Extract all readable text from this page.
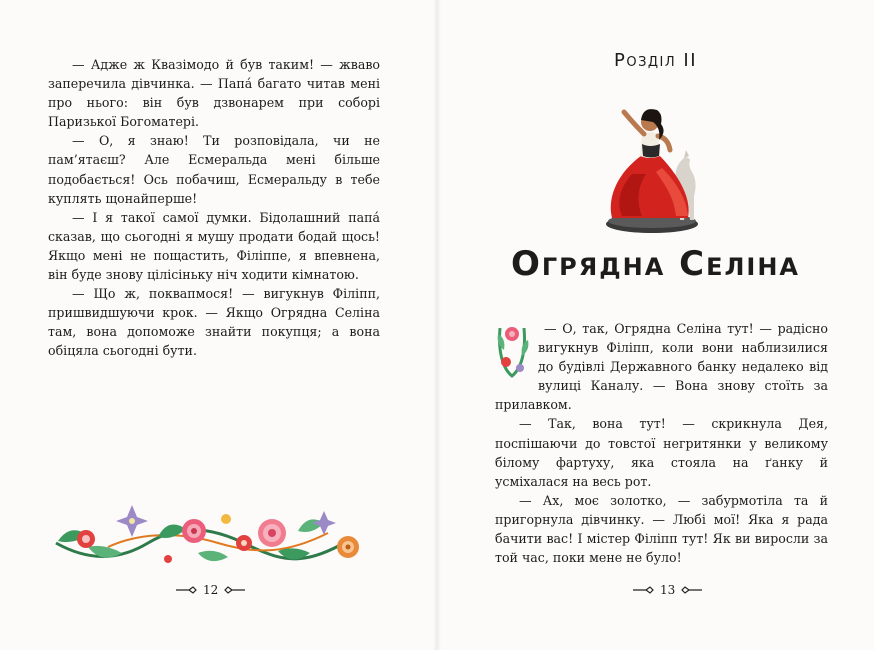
— Адже ж Квазімодо й був таким! — жваво заперечила дівчинка. — Папа́ багато читав мені про нього: він був дзвонарем при соборі Паризької Богоматері.

— О, я знаю! Ти розповідала, чи не пам’ятаєш? Але Есмеральда мені більше подобається! Ось побачиш, Есмеральду в тебе куплять щонайперше!

— І я такої самої думки. Бідолашний папа́ сказав, що сьогодні я мушу продати бодай щось! Якщо мені не пощастить, Філіппе, я впевнена, він буде знову цілісіньку ніч ходити кімнатою.

— Що ж, поквапмося! — вигукнув Філіпп, пришвидшуючи крок. — Якщо Огрядна Селіна там, вона допоможе знайти покупця; а вона обіцяла сьогодні бути.

12
Розділ ІІ
Огрядна Селіна

— О, так, Огрядна Селіна тут! — радісно вигукнув Філіпп, коли вони наблизилися до будівлі Державного банку недалеко від вулиці Каналу. — Вона знову стоїть за прилавком.

— Так, вона тут! — скрикнула Дея, поспішаючи до товстої негритянки у великому білому фартуху, яка стояла на ґанку й усміхалася на весь рот.

— Ах, моє золотко, — забурмотіла та й пригорнула дівчинку. — Любі мої! Яка я рада бачити вас! І містер Філіпп тут! Як ви виросли за той час, поки мене не було!

13
